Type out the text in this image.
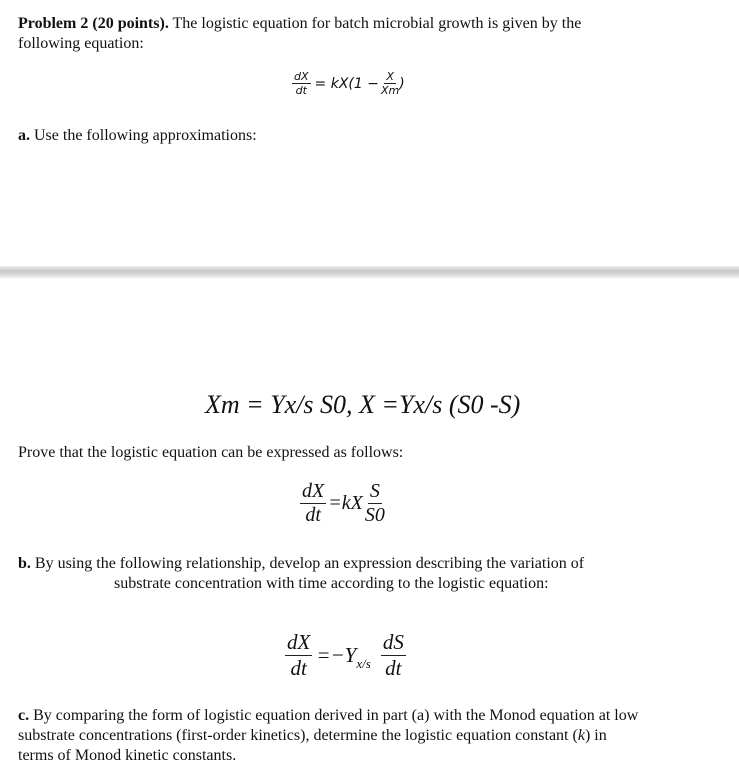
Problem 2 (20 points). The logistic equation for batch microbial growth is given by the
following equation:
$\frac{dX}{dt} = kX(1 - \frac{X}{Xm}$ )
a. Use the following approximations:
Xm = Yx/s S0, X =Yx/s (S0 -S)
Prove that the logistic equation can be expressed as follows:
$\frac{dX}{dt} =kX \frac{S}{S0}$
b. By using the following relationship, develop an expression describing the variation of
substrate concentration with time according to the logistic equation:
$\frac{dX}{dt} =-Y$ $x/s \frac{dS}{dt}$
c. By comparing the form of logistic equation derived in part (a) with the Monod equation at low
substrate concentrations (first-order kinetics), determine the logistic equation constant (k) in
terms of Monod kinetic constants.
